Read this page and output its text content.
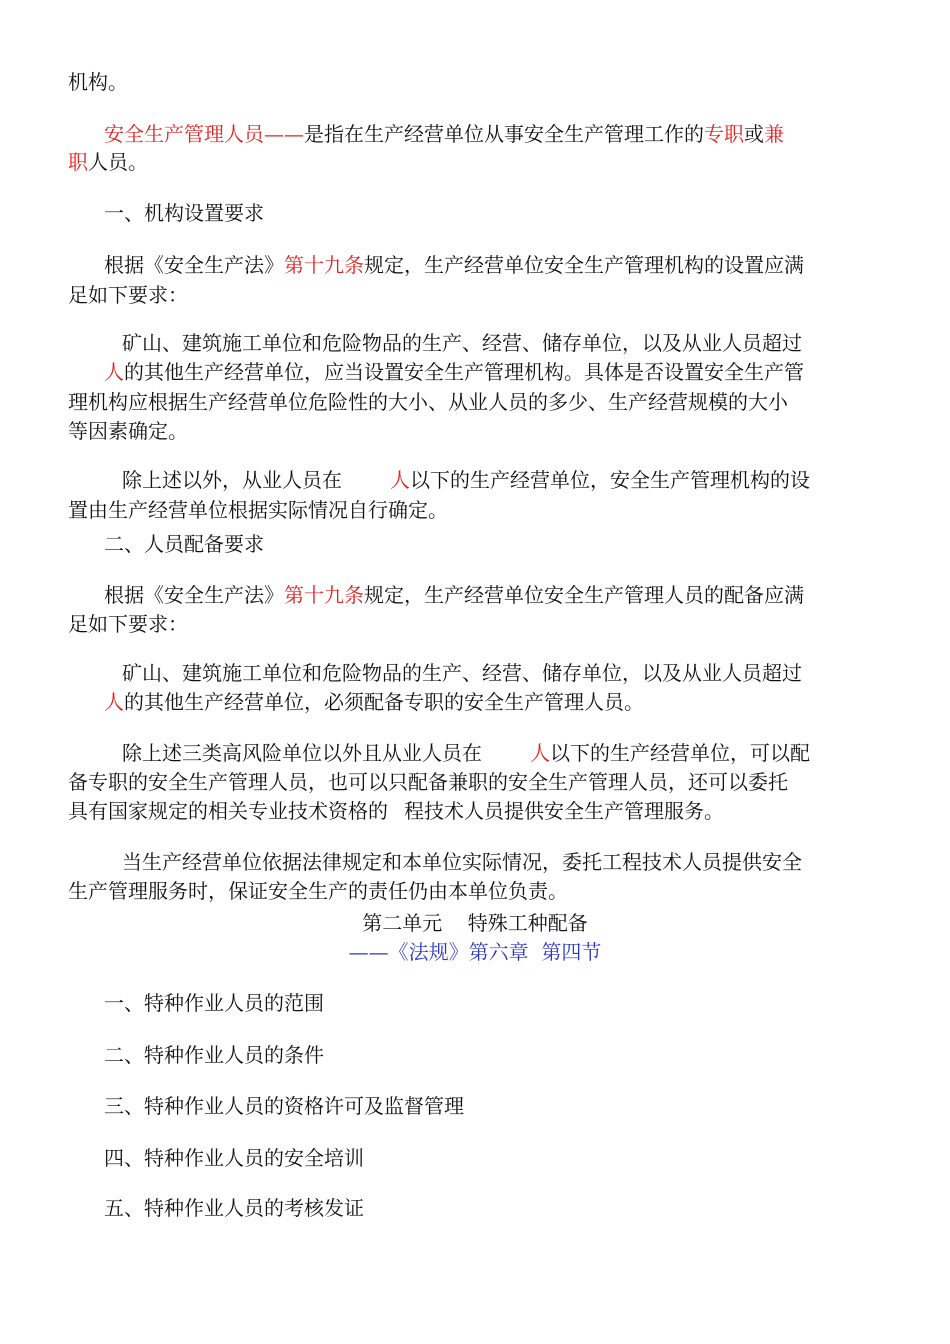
机构。
安全生产管理人员——是指在生产经营单位从事安全生产管理工作的专职或兼
职人员。
一、机构设置要求
根据《安全生产法》第十九条规定，生产经营单位安全生产管理机构的设置应满
足如下要求：
矿山、建筑施工单位和危险物品的生产、经营、储存单位，以及从业人员超过
人的其他生产经营单位，应当设置安全生产管理机构。具体是否设置安全生产管
理机构应根据生产经营单位危险性的大小、从业人员的多少、生产经营规模的大小
等因素确定。
除上述以外，从业人员在 人以下的生产经营单位，安全生产管理机构的设
置由生产经营单位根据实际情况自行确定。
二、人员配备要求
根据《安全生产法》第十九条规定，生产经营单位安全生产管理人员的配备应满
足如下要求：
矿山、建筑施工单位和危险物品的生产、经营、储存单位，以及从业人员超过
人的其他生产经营单位，必须配备专职的安全生产管理人员。
除上述三类高风险单位以外且从业人员在 人以下的生产经营单位，可以配
备专职的安全生产管理人员，也可以只配备兼职的安全生产管理人员，还可以委托
具有国家规定的相关专业技术资格的 程技术人员提供安全生产管理服务。
当生产经营单位依据法律规定和本单位实际情况，委托工程技术人员提供安全
生产管理服务时，保证安全生产的责任仍由本单位负责。
第二单元    特殊工种配备
——《法规》第六章  第四节
一、特种作业人员的范围
二、特种作业人员的条件
三、特种作业人员的资格许可及监督管理
四、特种作业人员的安全培训
五、特种作业人员的考核发证
